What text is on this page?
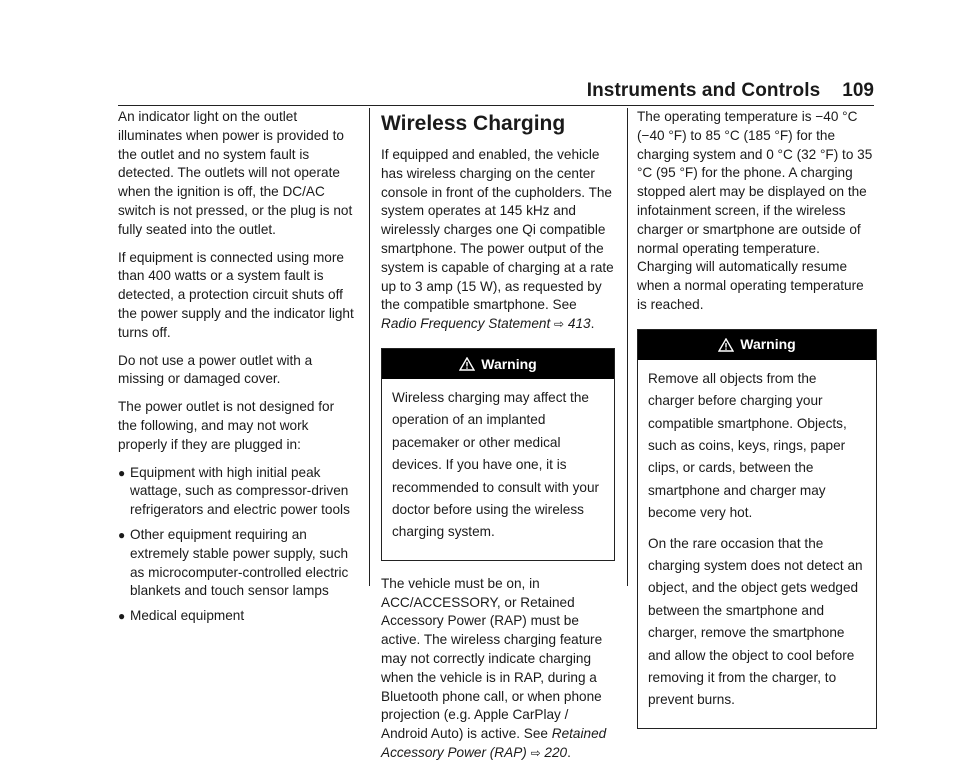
Instruments and Controls 109

An indicator light on the outlet illuminates when power is provided to the outlet and no system fault is detected. The outlets will not operate when the ignition is off, the DC/AC switch is not pressed, or the plug is not fully seated into the outlet.

If equipment is connected using more than 400 watts or a system fault is detected, a protection circuit shuts off the power supply and the indicator light turns off.

Do not use a power outlet with a missing or damaged cover.

The power outlet is not designed for the following, and may not work properly if they are plugged in:

● Equipment with high initial peak wattage, such as compressor-driven refrigerators and electric power tools
● Other equipment requiring an extremely stable power supply, such as microcomputer-controlled electric blankets and touch sensor lamps
● Medical equipment
Wireless Charging

If equipped and enabled, the vehicle has wireless charging on the center console in front of the cupholders. The system operates at 145 kHz and wirelessly charges one Qi compatible smartphone. The power output of the system is capable of charging at a rate up to 3 amp (15 W), as requested by the compatible smartphone. See Radio Frequency Statement ⇨ 413.

Warning

Wireless charging may affect the operation of an implanted pacemaker or other medical devices. If you have one, it is recommended to consult with your doctor before using the wireless charging system.

The vehicle must be on, in ACC/ACCESSORY, or Retained Accessory Power (RAP) must be active. The wireless charging feature may not correctly indicate charging when the vehicle is in RAP, during a Bluetooth phone call, or when phone projection (e.g. Apple CarPlay / Android Auto) is active. See Retained Accessory Power (RAP) ⇨ 220.

The operating temperature is −40 °C (−40 °F) to 85 °C (185 °F) for the charging system and 0 °C (32 °F) to 35 °C (95 °F) for the phone. A charging stopped alert may be displayed on the infotainment screen, if the wireless charger or smartphone are outside of normal operating temperature. Charging will automatically resume when a normal operating temperature is reached.

Warning

Remove all objects from the charger before charging your compatible smartphone. Objects, such as coins, keys, rings, paper clips, or cards, between the smartphone and charger may become very hot.

On the rare occasion that the charging system does not detect an object, and the object gets wedged between the smartphone and charger, remove the smartphone and allow the object to cool before removing it from the charger, to prevent burns.
